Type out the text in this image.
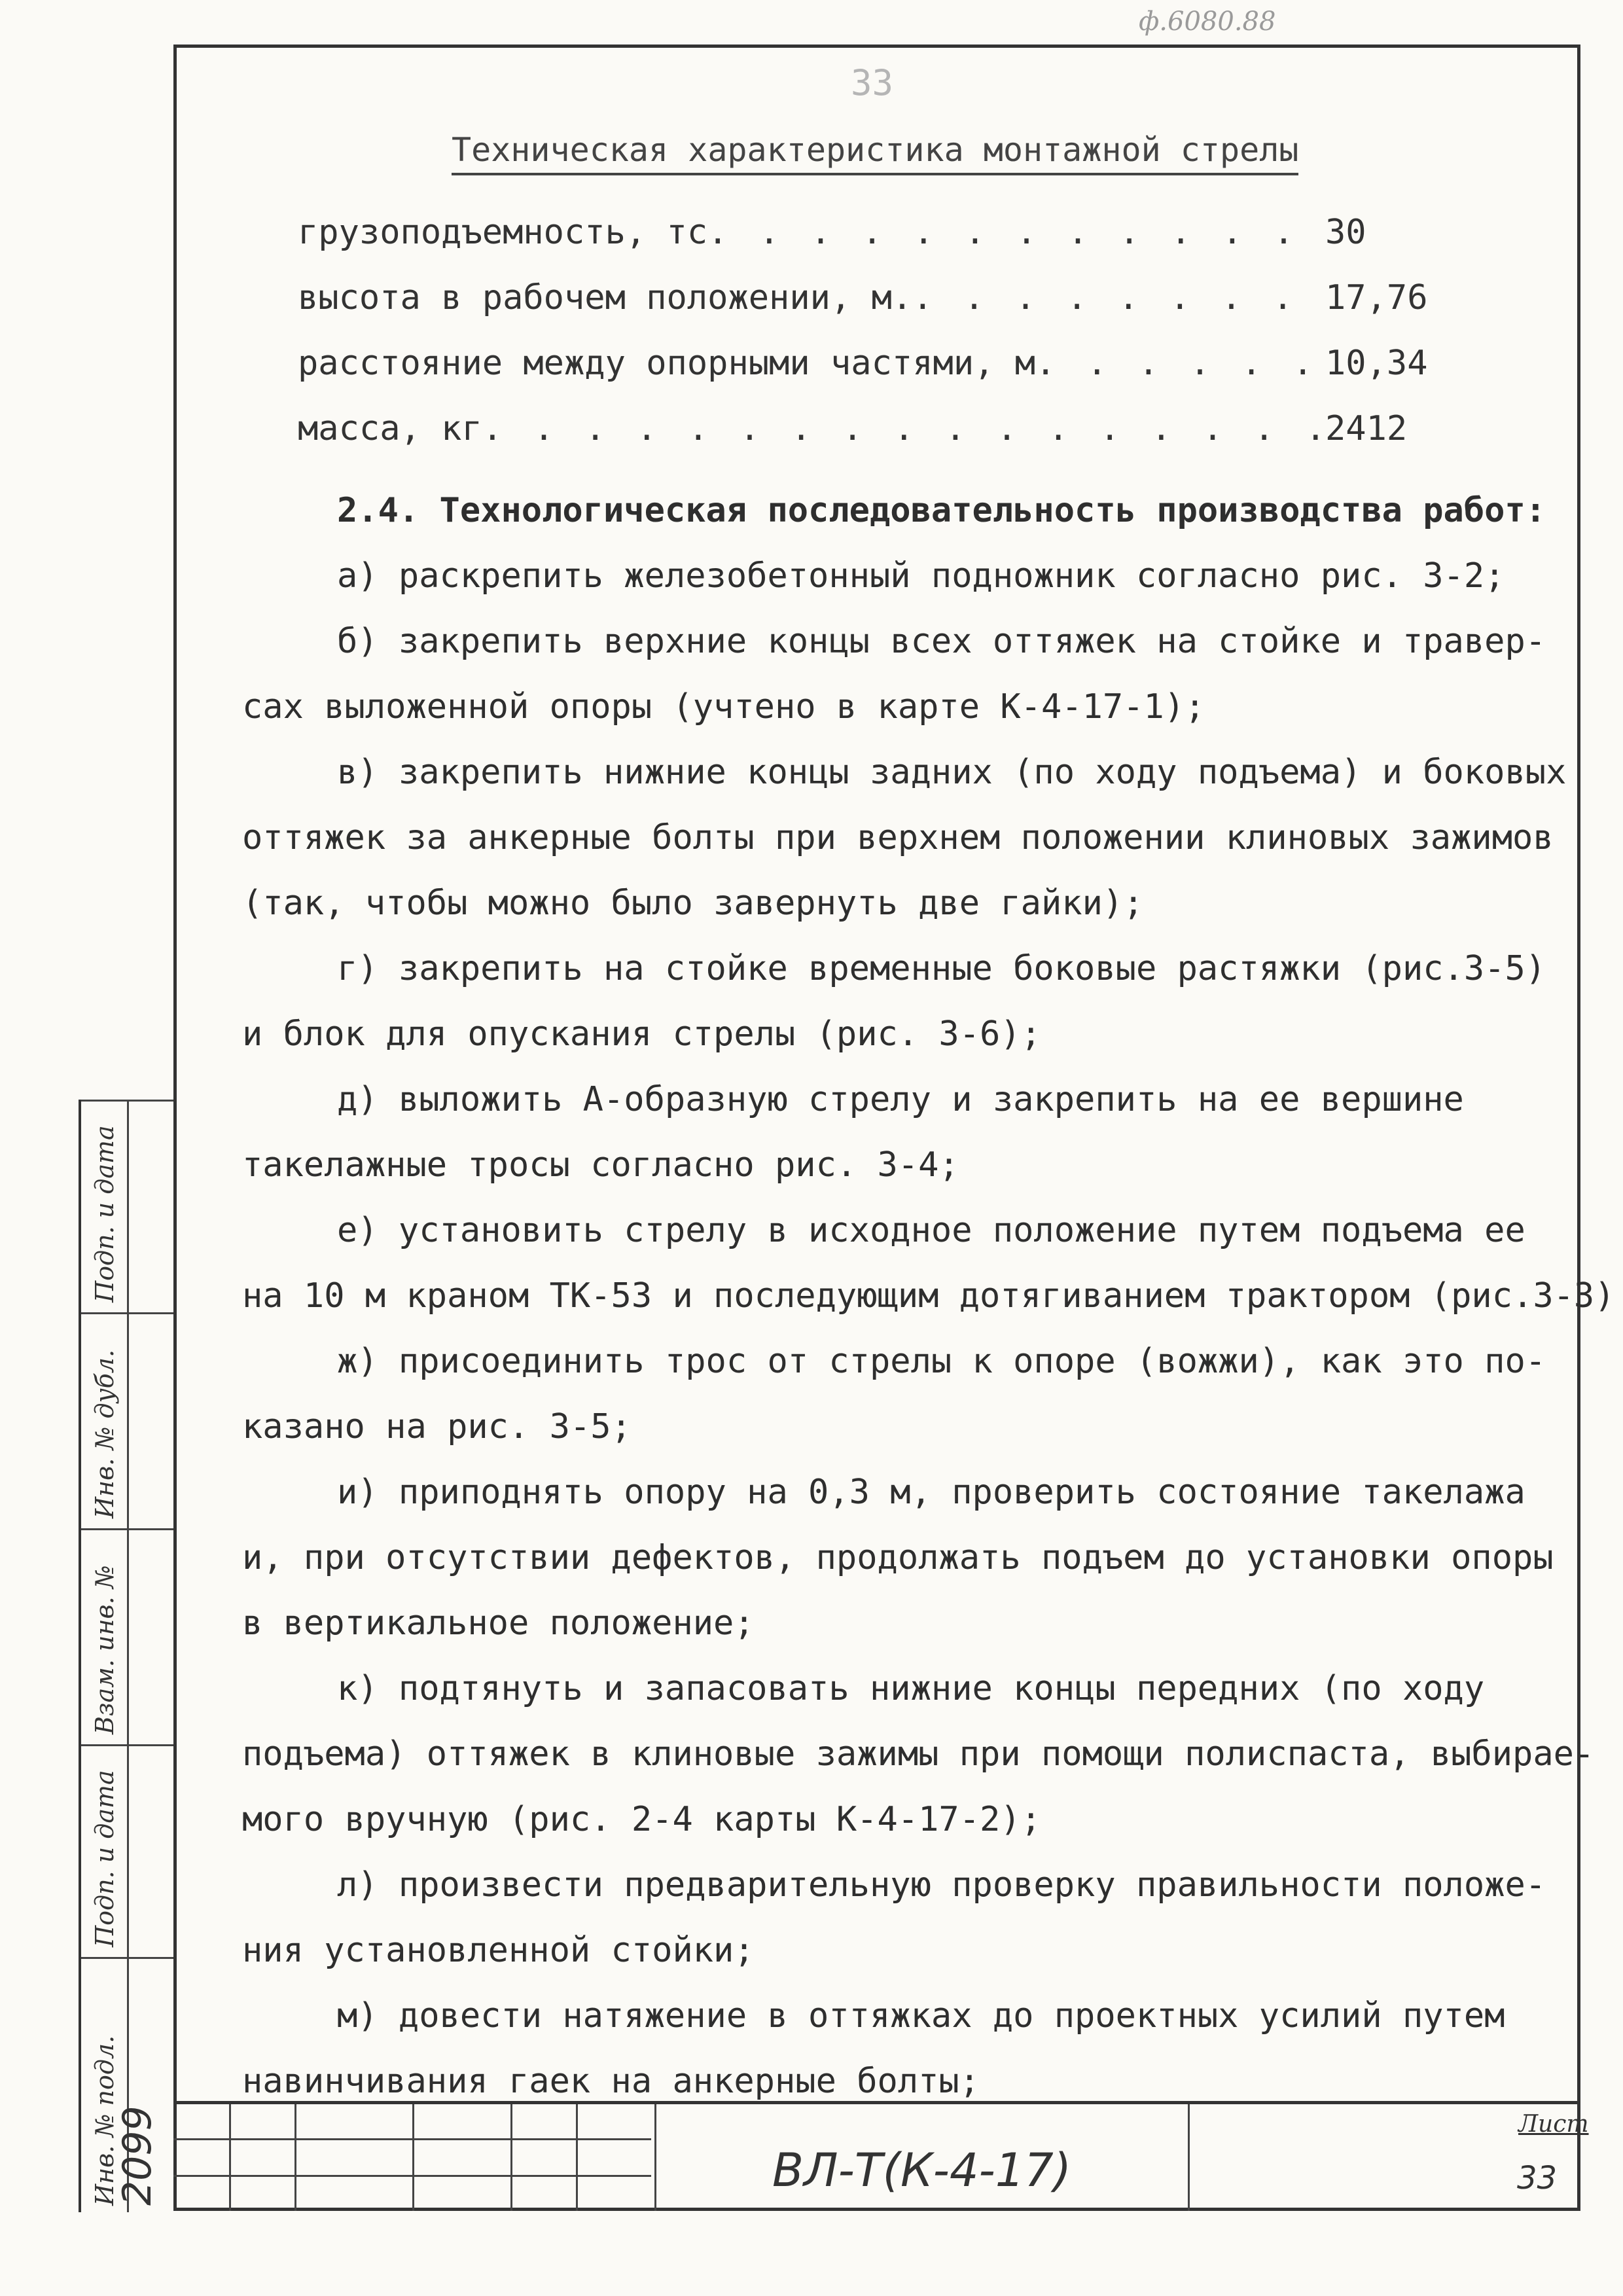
ф.6080.88
33
Техническая характеристика монтажной стрелы
грузоподъемность, тс . . .	30
высота в рабочем положении, м. . . .	17,76
расстояние между опорными частями, м . . .	10,34
масса, кг . . .	2412
2.4. Технологическая последовательность производства работ:
а) раскрепить железобетонный подножник согласно рис. 3-2;
б) закрепить верхние концы всех оттяжек на стойке и травер-
сах выложенной опоры (учтено в карте К-4-17-1);
в) закрепить нижние концы задних (по ходу подъема) и боковых
оттяжек за анкерные болты при верхнем положении клиновых зажимов
(так, чтобы можно было завернуть две гайки);
г) закрепить на стойке временные боковые растяжки (рис.3-5)
и блок для опускания стрелы (рис. 3-6);
д) выложить А-образную стрелу и закрепить на ее вершине
такелажные тросы согласно рис. 3-4;
е) установить стрелу в исходное положение путем подъема ее
на 10 м краном ТК-53 и последующим дотягиванием трактором (рис.3-3)
ж) присоединить трос от стрелы к опоре (вожжи), как это по-
казано на рис. 3-5;
и) приподнять опору на 0,3 м, проверить состояние такелажа
и, при отсутствии дефектов, продолжать подъем до установки опоры
в вертикальное положение;
к) подтянуть и запасовать нижние концы передних (по ходу
подъема) оттяжек в клиновые зажимы при помощи полиспаста, выбирае-
мого вручную (рис. 2-4 карты К-4-17-2);
л) произвести предварительную проверку правильности положе-
ния установленной стойки;
м) довести натяжение в оттяжках до проектных усилий путем
навинчивания гаек на анкерные болты;
Подп. и дата
Инв. № дубл.
Взам. инв. №
Подп. и дата
Инв. № подл.
2099	ВЛ-Т(К-4-17)
Лист
33
